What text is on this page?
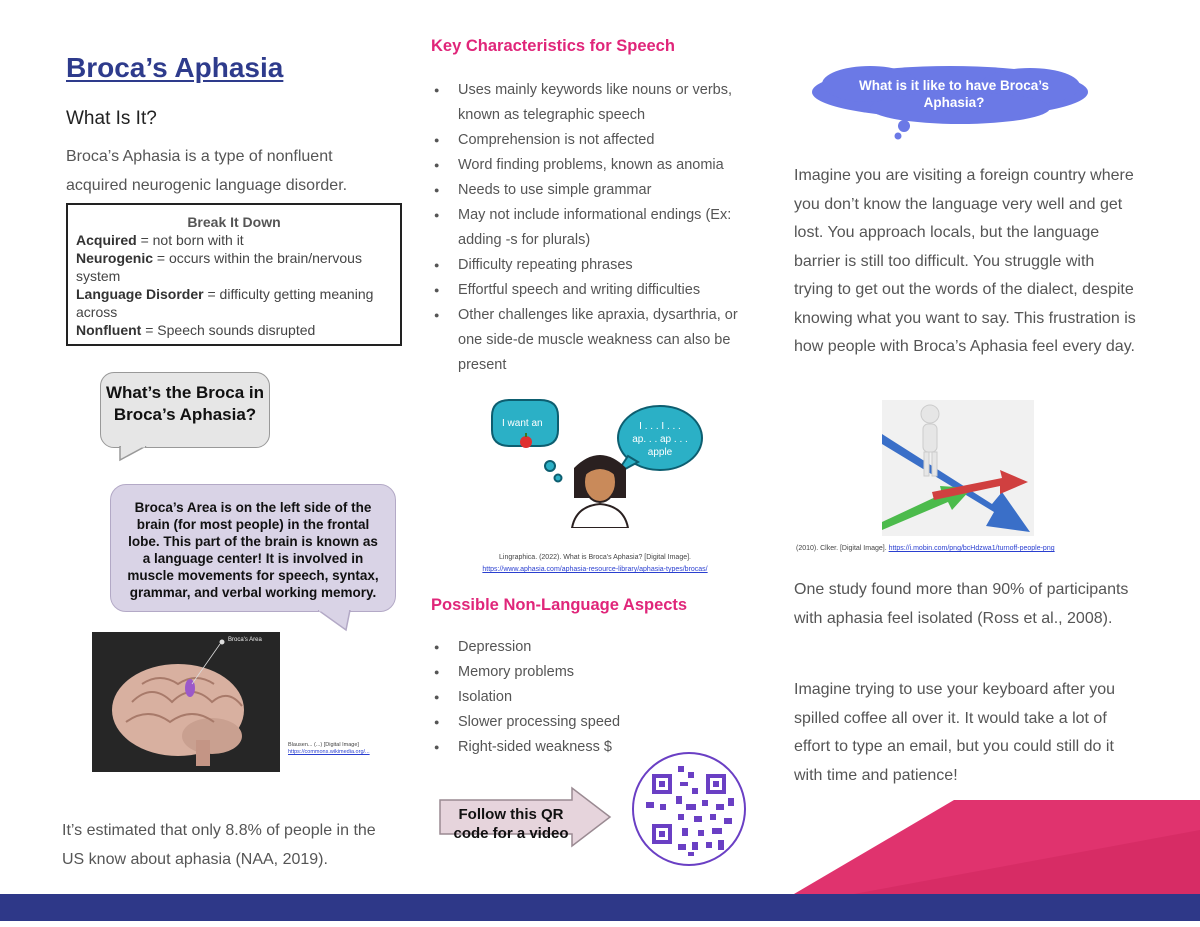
Broca’s Aphasia
What Is It?
Broca’s Aphasia is a type of nonfluent acquired neurogenic language disorder.
Break It Down
Acquired = not born with it
Neurogenic = occurs within the brain/nervous system
Language Disorder = difficulty getting meaning across
Nonfluent = Speech sounds disrupted
What’s the Broca in Broca’s Aphasia?
Broca’s Area is on the left side of the brain (for most people) in the frontal lobe. This part of the brain is known as a language center! It is involved in muscle movements for speech, syntax, grammar, and verbal working memory.
Broca's Area
Blausen... (...) [Digital Image]
https://commons.wikimedia.org/...
It’s estimated that only 8.8% of people in the US know about aphasia (NAA, 2019).
Key Characteristics for Speech
● Uses mainly keywords like nouns or verbs, known as telegraphic speech
● Comprehension is not affected
● Word finding problems, known as anomia
● Needs to use simple grammar
● May not include informational endings (Ex: adding -s for plurals)
● Difficulty repeating phrases
● Effortful speech and writing difficulties
● Other challenges like apraxia, dysarthria, or one side-de muscle weakness can also be present
I want an	I . . . I . . .
ap. . . ap . . .
apple
Lingraphica. (2022). What is Broca's Aphasia? [Digital Image].
https://www.aphasia.com/aphasia-resource-library/aphasia-types/brocas/
Possible Non-Language Aspects
● Depression
● Memory problems
● Isolation
● Slower processing speed
● Right-sided weakness $
Follow this QR code for a video
What is it like to have Broca’s Aphasia?
Imagine you are visiting a foreign country where you don’t know the language very well and get lost. You approach locals, but the language barrier is still too difficult. You struggle with trying to get out the words of the dialect, despite knowing what you want to say. This frustration is how people with Broca’s Aphasia feel every day.
(2010). Clker. [Digital Image]. https://i.mobin.com/png/bcHdzwa1/turnoff-people-png
One study found more than 90% of participants with aphasia feel isolated (Ross et al., 2008).
Imagine trying to use your keyboard after you spilled coffee all over it. It would take a lot of effort to type an email, but you could still do it with time and patience!
